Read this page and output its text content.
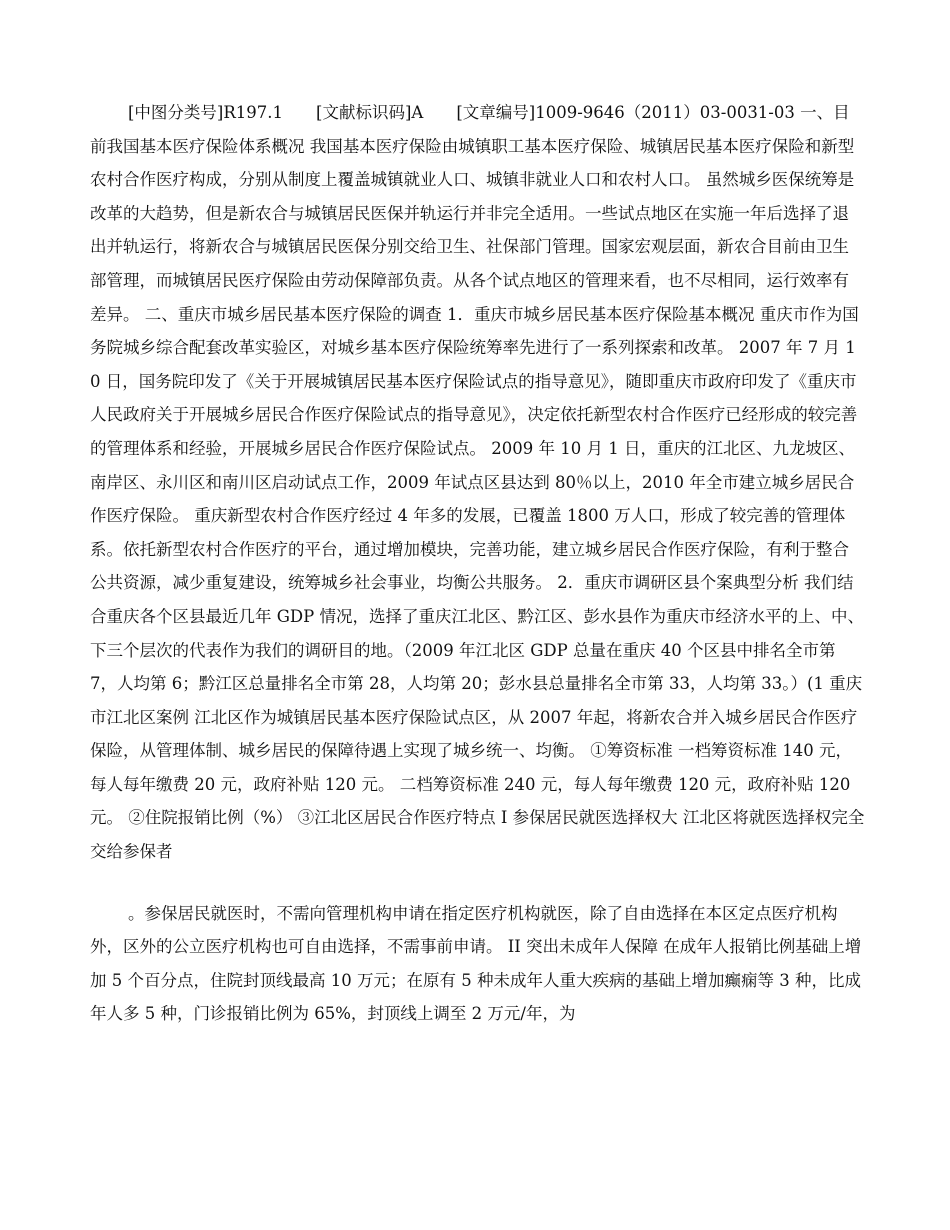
[中图分类号]R197.1　　[文献标识码]A　　[文章编号]1009-9646（2011）03-0031-03 一、目前我国基本医疗保险体系概况 我国基本医疗保险由城镇职工基本医疗保险、城镇居民基本医疗保险和新型农村合作医疗构成，分别从制度上覆盖城镇就业人口、城镇非就业人口和农村人口。 虽然城乡医保统筹是改革的大趋势，但是新农合与城镇居民医保并轨运行并非完全适用。一些试点地区在实施一年后选择了退出并轨运行，将新农合与城镇居民医保分别交给卫生、社保部门管理。国家宏观层面，新农合目前由卫生部管理，而城镇居民医疗保险由劳动保障部负责。从各个试点地区的管理来看，也不尽相同，运行效率有差异。 二、重庆市城乡居民基本医疗保险的调查 1．重庆市城乡居民基本医疗保险基本概况 重庆市作为国务院城乡综合配套改革实验区，对城乡基本医疗保险统筹率先进行了一系列探索和改革。 2007 年 7 月 10 日，国务院印发了《关于开展城镇居民基本医疗保险试点的指导意见》，随即重庆市政府印发了《重庆市人民政府关于开展城乡居民合作医疗保险试点的指导意见》，决定依托新型农村合作医疗已经形成的较完善的管理体系和经验，开展城乡居民合作医疗保险试点。 2009 年 10 月 1 日，重庆的江北区、九龙坡区、南岸区、永川区和南川区启动试点工作，2009 年试点区县达到 80％以上，2010 年全市建立城乡居民合作医疗保险。 重庆新型农村合作医疗经过 4 年多的发展，已覆盖 1800 万人口，形成了较完善的管理体系。依托新型农村合作医疗的平台，通过增加模块，完善功能，建立城乡居民合作医疗保险，有利于整合公共资源，减少重复建设，统筹城乡社会事业，均衡公共服务。 2．重庆市调研区县个案典型分析 我们结合重庆各个区县最近几年 GDP 情况，选择了重庆江北区、黔江区、彭水县作为重庆市经济水平的上、中、下三个层次的代表作为我们的调研目的地。（2009 年江北区 GDP 总量在重庆 40 个区县中排名全市第 7，人均第 6；黔江区总量排名全市第 28，人均第 20；彭水县总量排名全市第 33，人均第 33。）(1 重庆市江北区案例 江北区作为城镇居民基本医疗保险试点区，从 2007 年起，将新农合并入城乡居民合作医疗保险，从管理体制、城乡居民的保障待遇上实现了城乡统一、均衡。 ①筹资标准 一档筹资标准 140 元，每人每年缴费 20 元，政府补贴 120 元。 二档筹资标准 240 元，每人每年缴费 120 元，政府补贴 120 元。 ②住院报销比例（%） ③江北区居民合作医疗特点 I 参保居民就医选择权大 江北区将就医选择权完全交给参保者

。参保居民就医时，不需向管理机构申请在指定医疗机构就医，除了自由选择在本区定点医疗机构外，区外的公立医疗机构也可自由选择，不需事前申请。 II 突出未成年人保障 在成年人报销比例基础上增加 5 个百分点，住院封顶线最高 10 万元；在原有 5 种未成年人重大疾病的基础上增加癫痫等 3 种，比成年人多 5 种，门诊报销比例为 65%，封顶线上调至 2 万元/年，为
